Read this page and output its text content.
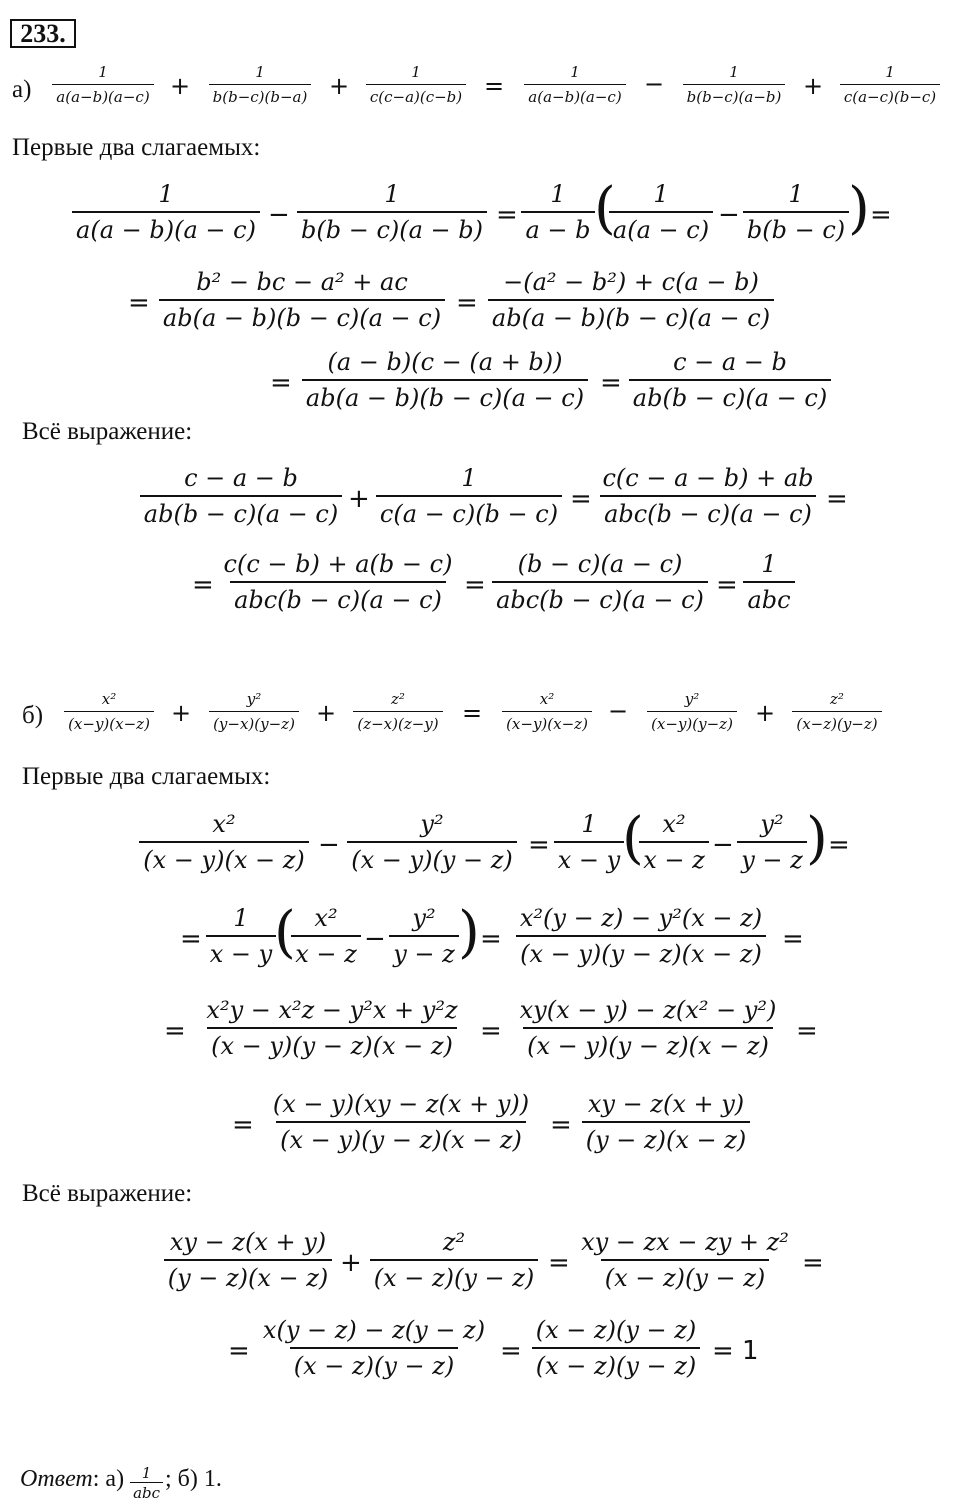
233.
а)
1
a(a−b)(a−c) +	1
b(b−c)(b−a) +	1
c(c−a)(c−b) =	1
a(a−b)(a−c) −	1
b(b−c)(a−b) +	1
c(a−c)(b−c)
Первые два слагаемых:
1
a(a − b)(a − c) −
1
b(b − c)(a − b) =
1
a − b ( 1
a(a − c) −
1
b(b − c) ) =
=
b² − bc − a² + ac
ab(a − b)(b − c)(a − c) =
−(a² − b²) + c(a − b)
ab(a − b)(b − c)(a − c)
=
(a − b)(c − (a + b))
ab(a − b)(b − c)(a − c) =
c − a − b
ab(b − c)(a − c)
Всё выражение:
c − a − b
ab(b − c)(a − c) +
1
c(a − c)(b − c) =
c(c − a − b) + ab
abc(b − c)(a − c) =
=
c(c − b) + a(b − c)
abc(b − c)(a − c) =
(b − c)(a − c)
abc(b − c)(a − c) =
1
abc
б)
x²
(x−y)(x−z) +	y²
(y−x)(y−z) +	z²
(z−x)(z−y) =	x²
(x−y)(x−z) −	y²
(x−y)(y−z) +	z²
(x−z)(y−z)
Первые два слагаемых:
x²
(x − y)(x − z) −
y²
(x − y)(y − z) =
1
x − y ( x²
x − z −
y²
y − z ) =
=
1
x − y ( x²
x − z −
y²
y − z ) =
x²(y − z) − y²(x − z)
(x − y)(y − z)(x − z) =
=
x²y − x²z − y²x + y²z
(x − y)(y − z)(x − z) =
xy(x − y) − z(x² − y²)
(x − y)(y − z)(x − z) =
=
(x − y)(xy − z(x + y))
(x − y)(y − z)(x − z) =
xy − z(x + y)
(y − z)(x − z)
Всё выражение:
xy − z(x + y)
(y − z)(x − z) +
z²
(x − z)(y − z) =
xy − zx − zy + z²
(x − z)(y − z) =
=
x(y − z) − z(y − z)
(x − z)(y − z) =
(x − z)(y − z)
(x − z)(y − z) = 1
Ответ : а) 1
abc
; б) 1.
